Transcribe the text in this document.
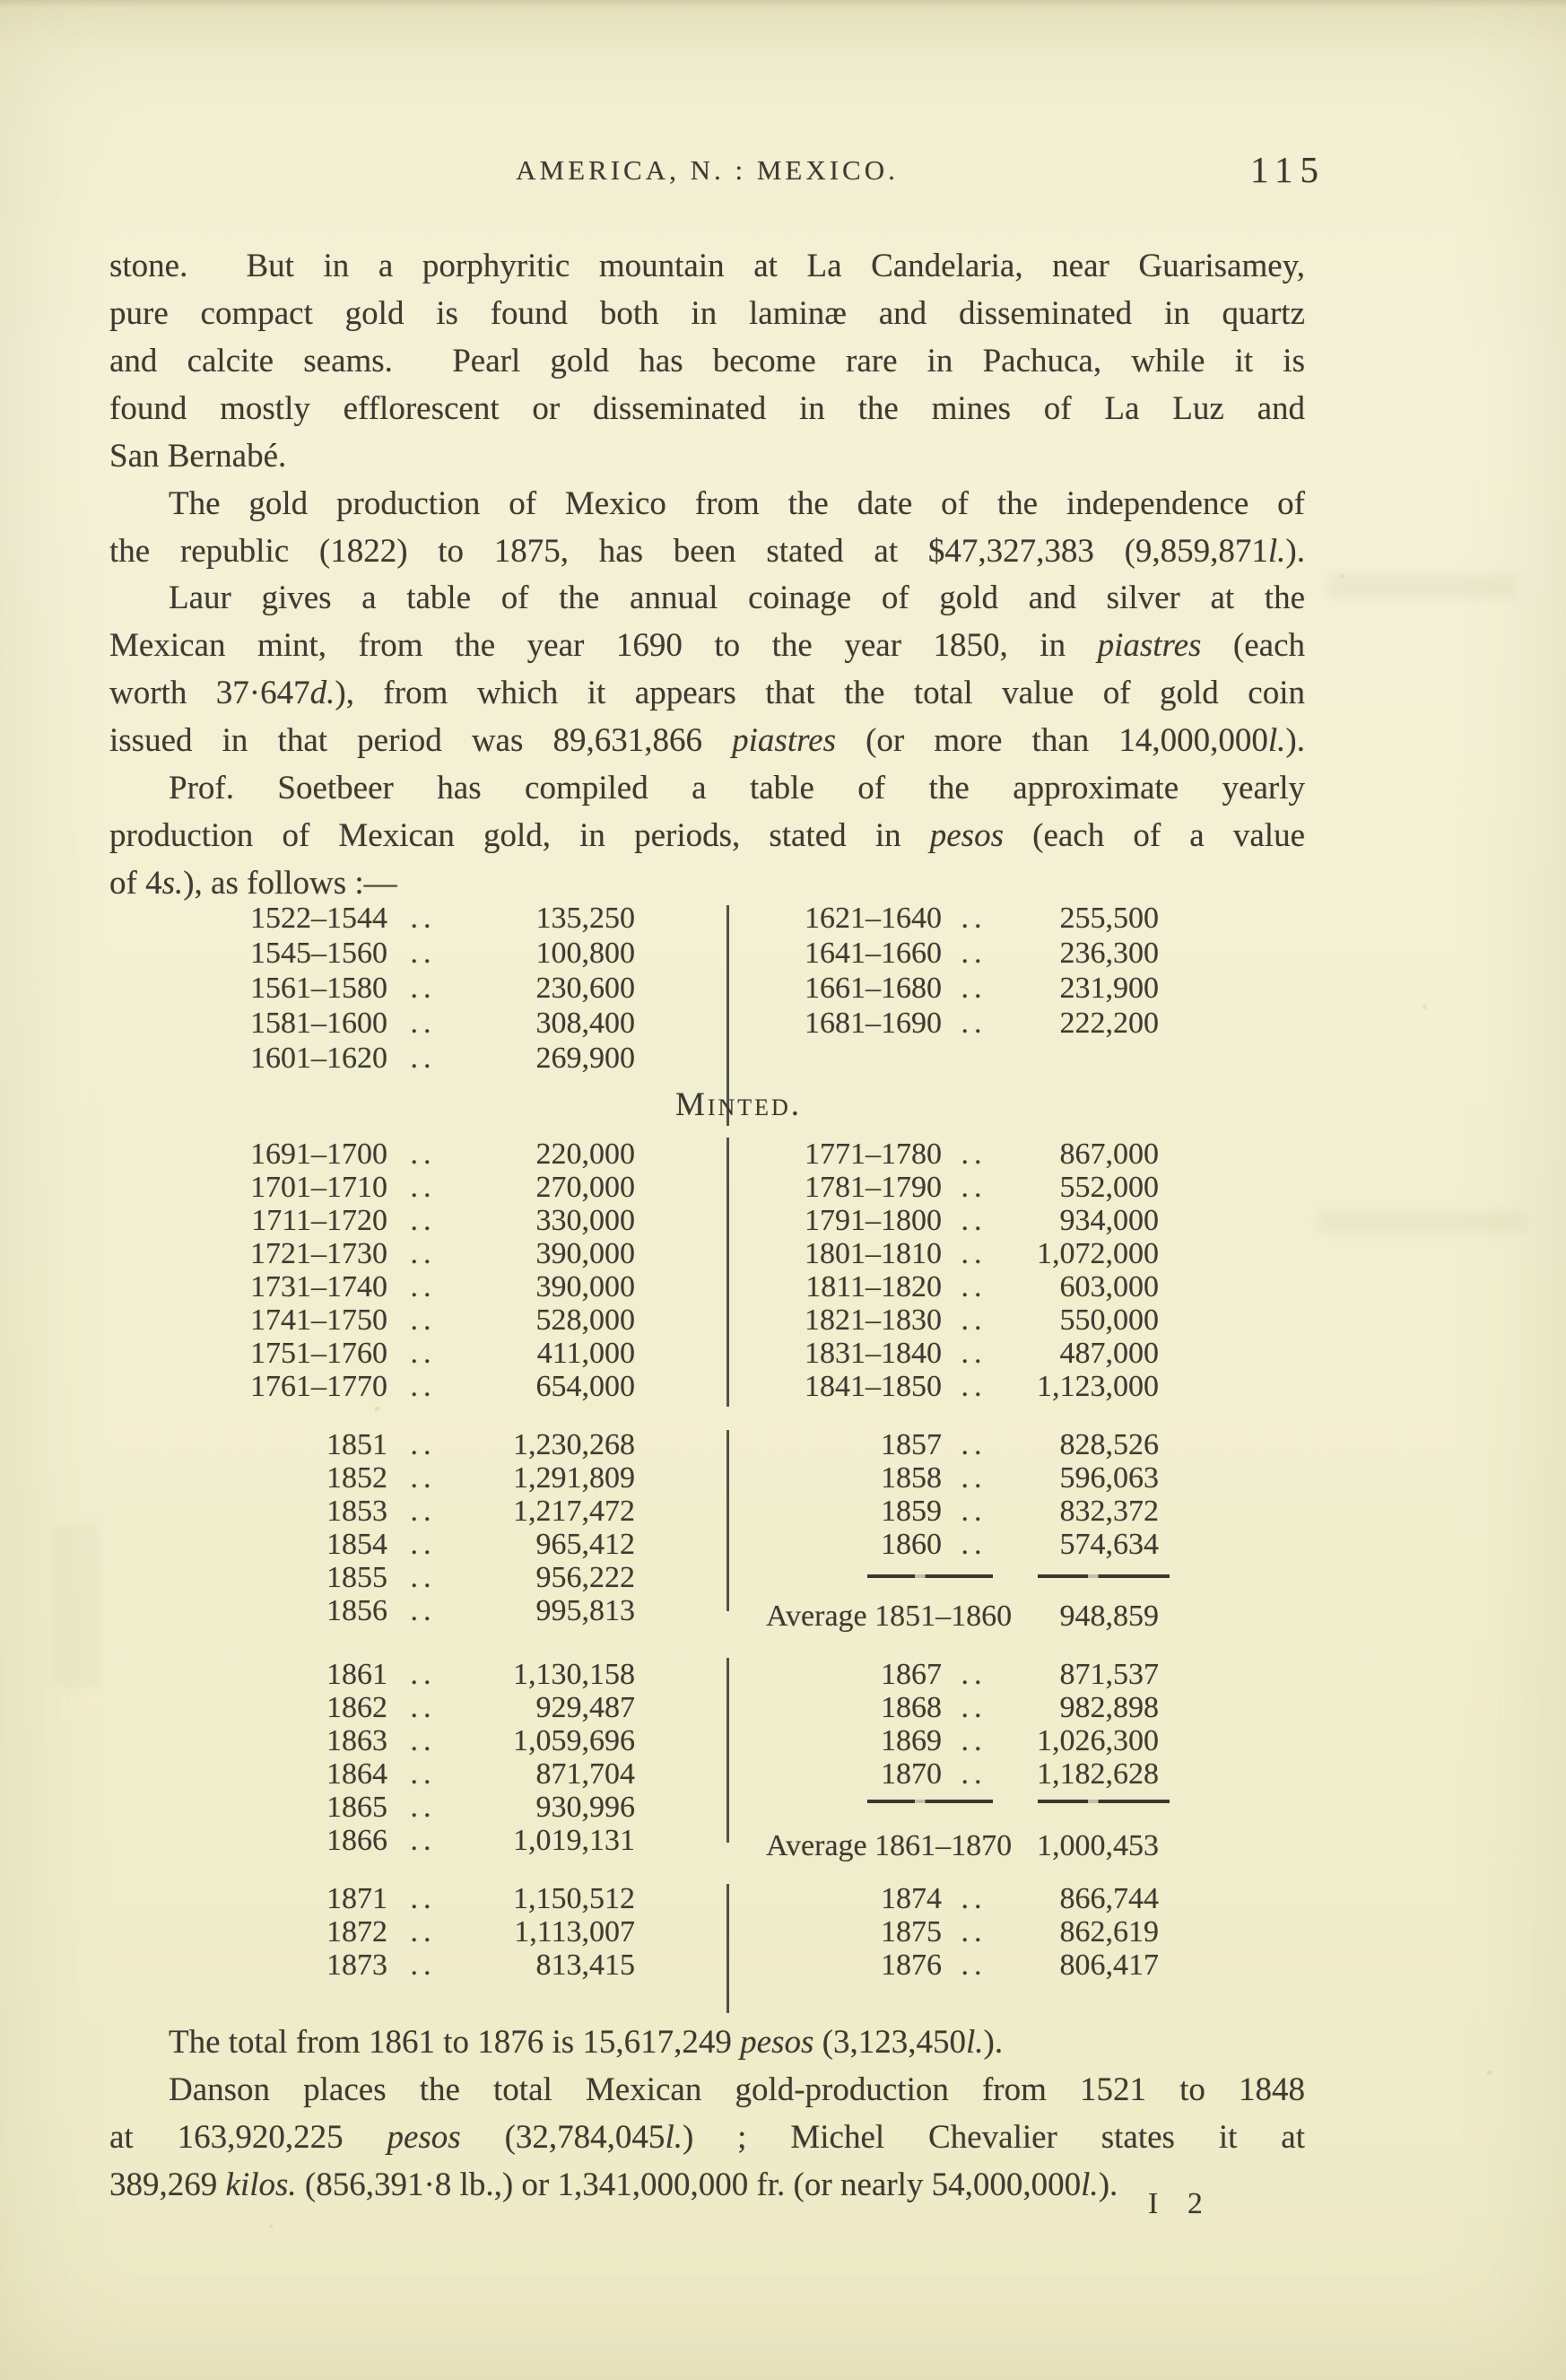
AMERICA, N. : MEXICO.	115
stone.  But in a porphyritic mountain at La Candelaria, near Guarisamey,
pure compact gold is found both in laminæ and disseminated in quartz
and calcite seams.  Pearl gold has become rare in Pachuca, while it is
found mostly efflorescent or disseminated in the mines of La Luz and
San Bernabé.
The gold production of Mexico from the date of the independence of
the republic (1822) to 1875, has been stated at $47,327,383 (9,859,871l.).
Laur gives a table of the annual coinage of gold and silver at the
Mexican mint, from the year 1690 to the year 1850, in piastres (each
worth 37·647d.), from which it appears that the total value of gold coin
issued in that period was 89,631,866 piastres (or more than 14,000,000l.).
Prof. Soetbeer has compiled a table of the approximate yearly
production of Mexican gold, in periods, stated in pesos (each of a value
of 4s.), as follows :—
1522–1544 ..	135,250
1545–1560 ..	100,800
1561–1580 ..	230,600
1581–1600 ..	308,400
1601–1620 ..	269,900
1621–1640 ..	255,500
1641–1660 ..	236,300
1661–1680 ..	231,900
1681–1690 ..	222,200
Minted.
1691–1700 ..	220,000
1701–1710 ..	270,000
1711–1720 ..	330,000
1721–1730 ..	390,000
1731–1740 ..	390,000
1741–1750 ..	528,000
1751–1760 ..	411,000
1761–1770 ..	654,000
1771–1780 ..	867,000
1781–1790 ..	552,000
1791–1800 ..	934,000
1801–1810 ..	1,072,000
1811–1820 ..	603,000
1821–1830 ..	550,000
1831–1840 ..	487,000
1841–1850 ..	1,123,000
1851 ..	1,230,268
1852 ..	1,291,809
1853 ..	1,217,472
1854 ..	965,412
1855 ..	956,222
1856 ..	995,813
1857 ..	828,526
1858 ..	596,063
1859 ..	832,372
1860 ..	574,634
Average 1851–1860	948,859
1861 ..	1,130,158
1862 ..	929,487
1863 ..	1,059,696
1864 ..	871,704
1865 ..	930,996
1866 ..	1,019,131
1867 ..	871,537
1868 ..	982,898
1869 ..	1,026,300
1870 ..	1,182,628
Average 1861–1870 1,000,453
1871 ..	1,150,512
1872 ..	1,113,007
1873 ..	813,415
1874 ..	866,744
1875 ..	862,619
1876 ..	806,417
The total from 1861 to 1876 is 15,617,249 pesos (3,123,450l.).
Danson places the total Mexican gold-production from 1521 to 1848
at 163,920,225 pesos (32,784,045l.) ; Michel Chevalier states it at
389,269 kilos. (856,391·8 lb.,) or 1,341,000,000 fr. (or nearly 54,000,000l.).
I 2
